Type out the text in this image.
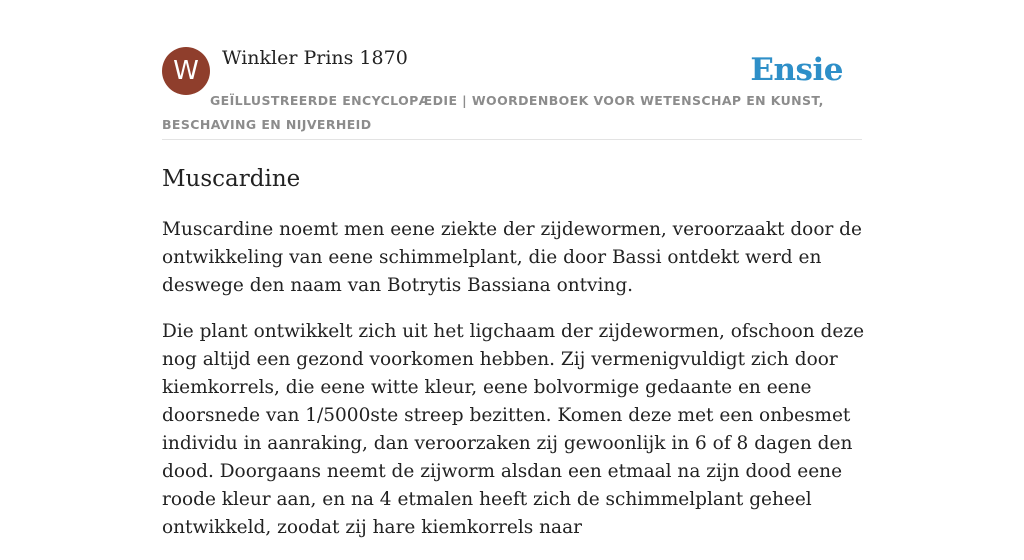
W	Winkler Prins 1870	Ensie
GEÏLLUSTREERDE ENCYCLOPÆDIE | WOORDENBOEK VOOR WETENSCHAP EN KUNST, BESCHAVING EN NIJVERHEID
Muscardine

Muscardine noemt men eene ziekte der zijdewormen, veroorzaakt door de ontwikkeling van eene schimmelplant, die door Bassi ontdekt werd en deswege den naam van Botrytis Bassiana ontving.

Die plant ontwikkelt zich uit het ligchaam der zijdewormen, ofschoon deze nog altijd een gezond voorkomen hebben. Zij vermenigvuldigt zich door kiemkorrels, die eene witte kleur, eene bolvormige gedaante en eene doorsnede van 1/5000ste streep bezitten. Komen deze met een onbesmet individu in aanraking, dan veroorzaken zij gewoonlijk in 6 of 8 dagen den dood. Doorgaans neemt de zijworm alsdan een etmaal na zijn dood eene roode kleur aan, en na 4 etmalen heeft zich de schimmelplant geheel ontwikkeld, zoodat zij hare kiemkorrels naar
